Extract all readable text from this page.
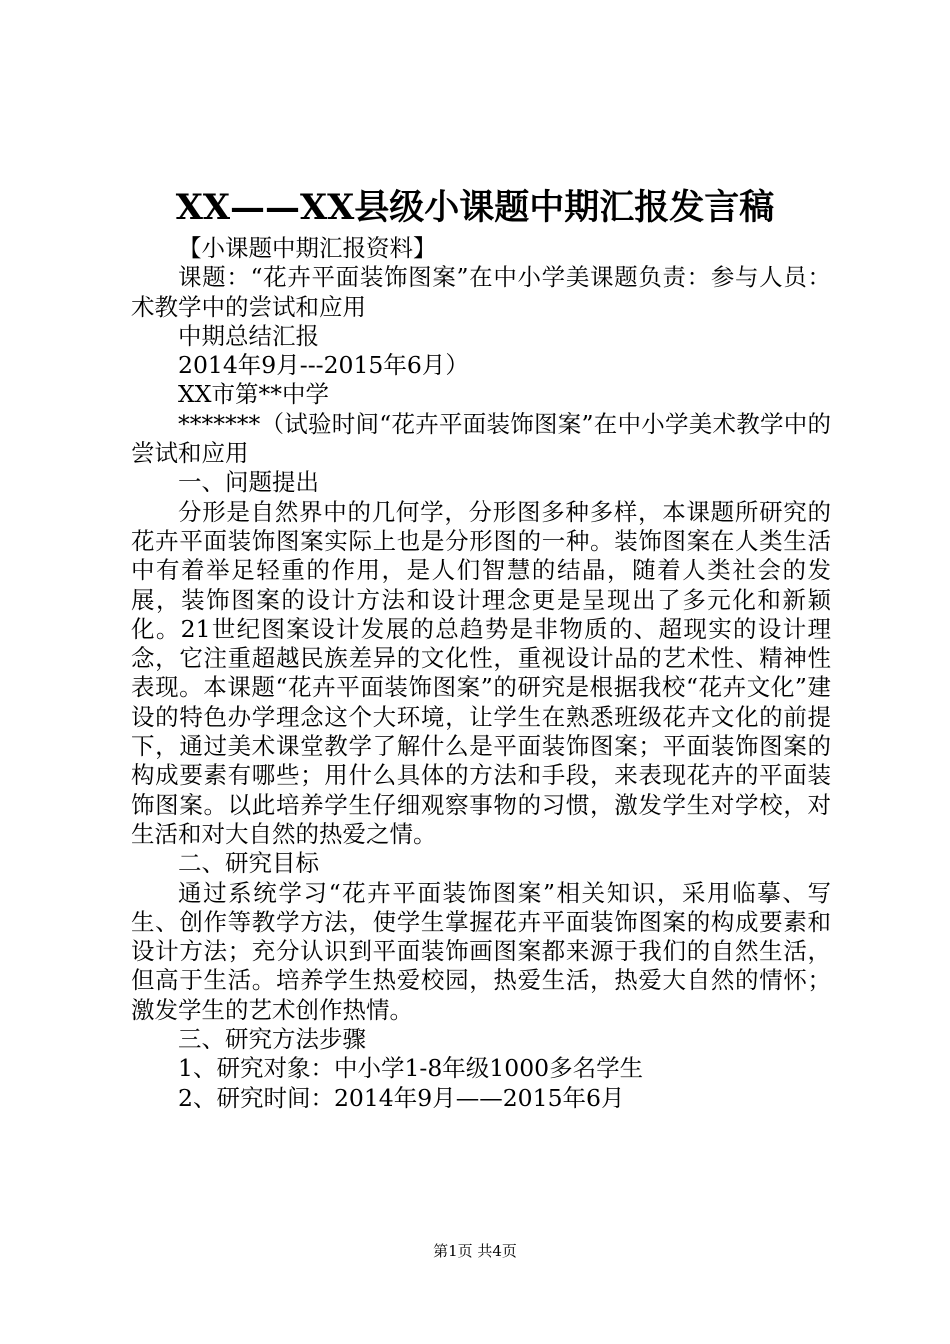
XX——XX县级小课题中期汇报发言稿

【小课题中期汇报资料】

课题：“花卉平面装饰图案”在中小学美课题负责：参与人员：术教学中的尝试和应用

中期总结汇报

2014年9月---2015年6月）

XX市第**中学

*******（试验时间“花卉平面装饰图案”在中小学美术教学中的尝试和应用

一、问题提出

分形是自然界中的几何学，分形图多种多样，本课题所研究的花卉平面装饰图案实际上也是分形图的一种。装饰图案在人类生活中有着举足轻重的作用，是人们智慧的结晶，随着人类社会的发展，装饰图案的设计方法和设计理念更是呈现出了多元化和新颖化。21世纪图案设计发展的总趋势是非物质的、超现实的设计理念，它注重超越民族差异的文化性，重视设计品的艺术性、精神性表现。本课题“花卉平面装饰图案”的研究是根据我校“花卉文化”建设的特色办学理念这个大环境，让学生在熟悉班级花卉文化的前提下，通过美术课堂教学了解什么是平面装饰图案；平面装饰图案的构成要素有哪些；用什么具体的方法和手段，来表现花卉的平面装饰图案。以此培养学生仔细观察事物的习惯，激发学生对学校，对生活和对大自然的热爱之情。

二、研究目标

通过系统学习“花卉平面装饰图案”相关知识，采用临摹、写生、创作等教学方法，使学生掌握花卉平面装饰图案的构成要素和设计方法；充分认识到平面装饰画图案都来源于我们的自然生活，但高于生活。培养学生热爱校园，热爱生活，热爱大自然的情怀；激发学生的艺术创作热情。

三、研究方法步骤

1、研究对象：中小学1-8年级1000多名学生

2、研究时间：2014年9月——2015年6月

第1页 共4页
